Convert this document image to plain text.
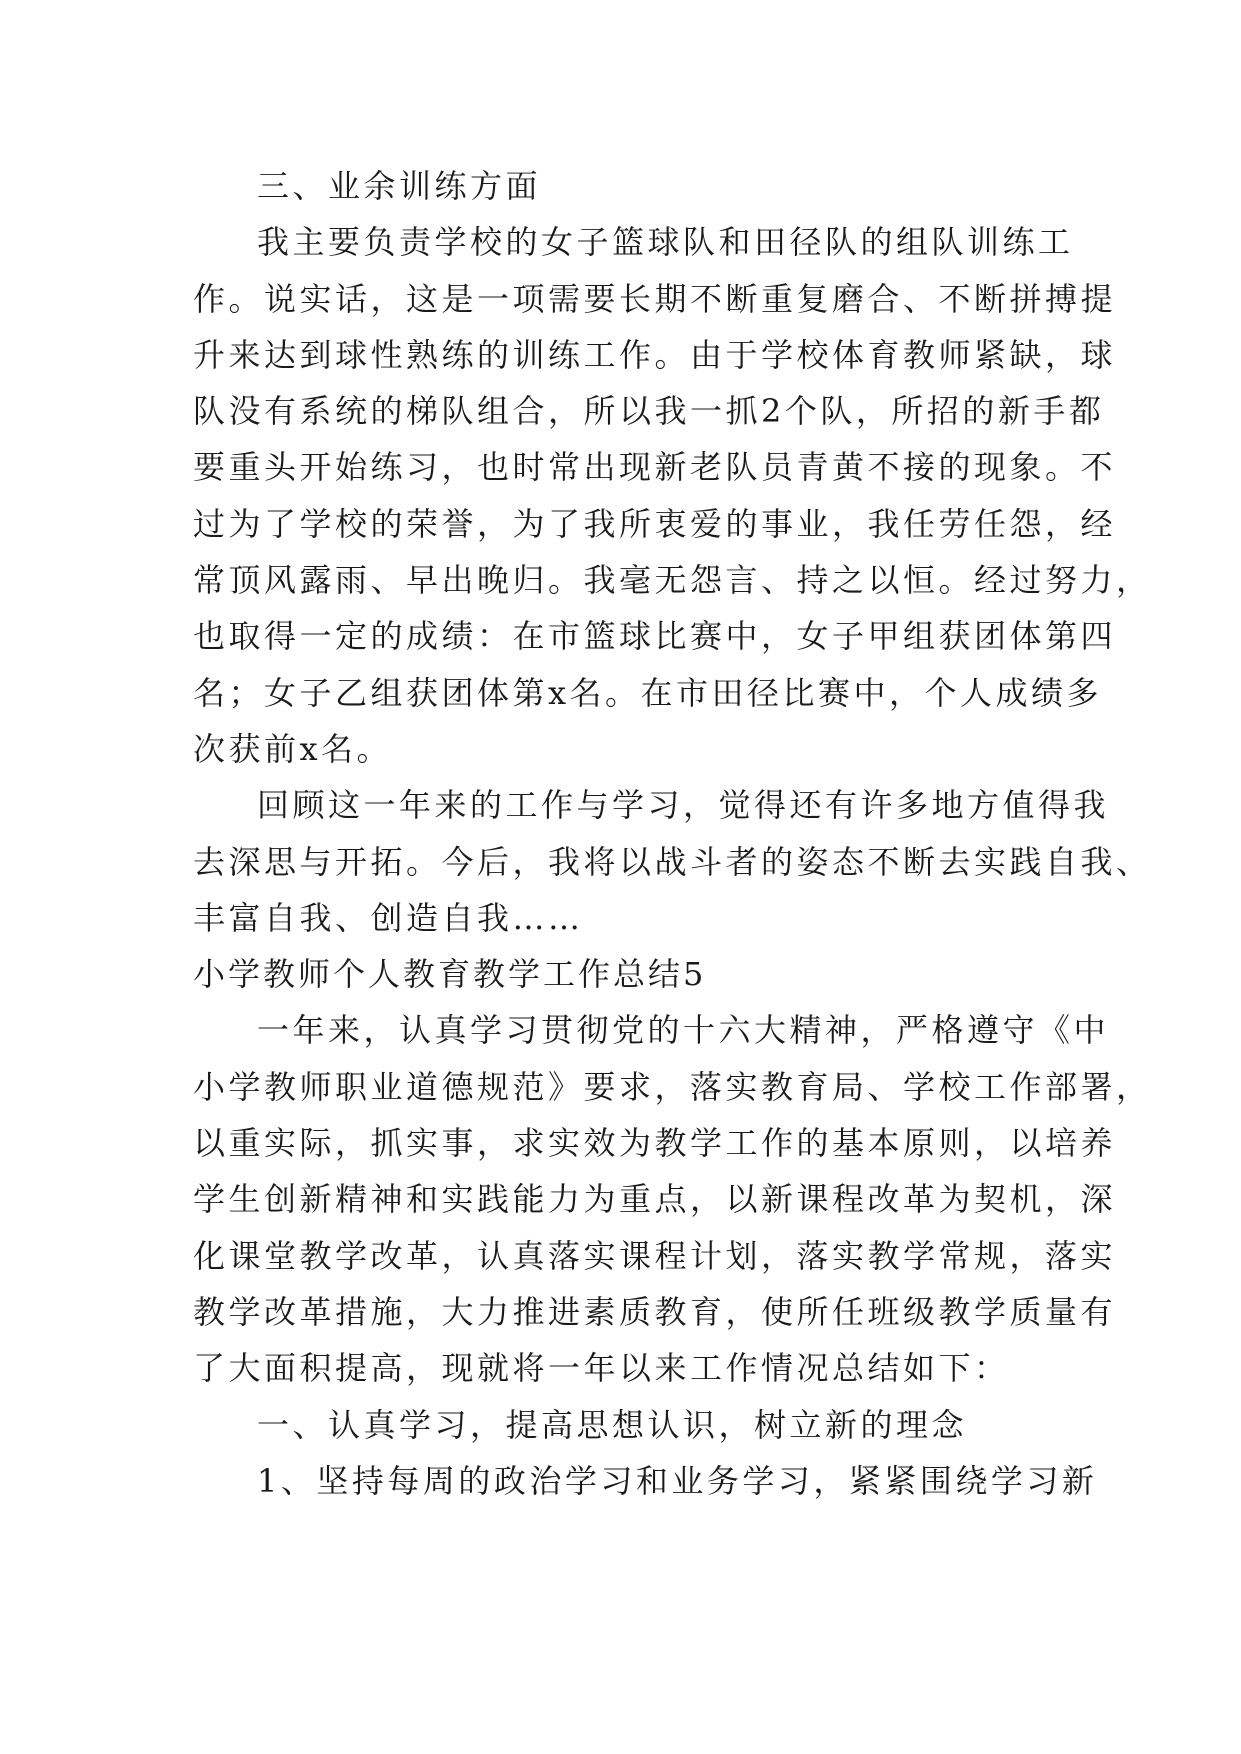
三、业余训练方面
我主要负责学校的女子篮球队和田径队的组队训练工
作。说实话，这是一项需要长期不断重复磨合、不断拼搏提
升来达到球性熟练的训练工作。由于学校体育教师紧缺，球
队没有系统的梯队组合，所以我一抓2个队，所招的新手都
要重头开始练习，也时常出现新老队员青黄不接的现象。不
过为了学校的荣誉，为了我所衷爱的事业，我任劳任怨，经
常顶风露雨、早出晚归。我毫无怨言、持之以恒。经过努力，
也取得一定的成绩：在市篮球比赛中，女子甲组获团体第四
名；女子乙组获团体第x名。在市田径比赛中，个人成绩多
次获前x名。
回顾这一年来的工作与学习，觉得还有许多地方值得我
去深思与开拓。今后，我将以战斗者的姿态不断去实践自我、
丰富自我、创造自我……
小学教师个人教育教学工作总结5
一年来，认真学习贯彻党的十六大精神，严格遵守《中
小学教师职业道德规范》要求，落实教育局、学校工作部署，
以重实际，抓实事，求实效为教学工作的基本原则，以培养
学生创新精神和实践能力为重点，以新课程改革为契机，深
化课堂教学改革，认真落实课程计划，落实教学常规，落实
教学改革措施，大力推进素质教育，使所任班级教学质量有
了大面积提高，现就将一年以来工作情况总结如下：
一、认真学习，提高思想认识，树立新的理念
1、坚持每周的政治学习和业务学习，紧紧围绕学习新
